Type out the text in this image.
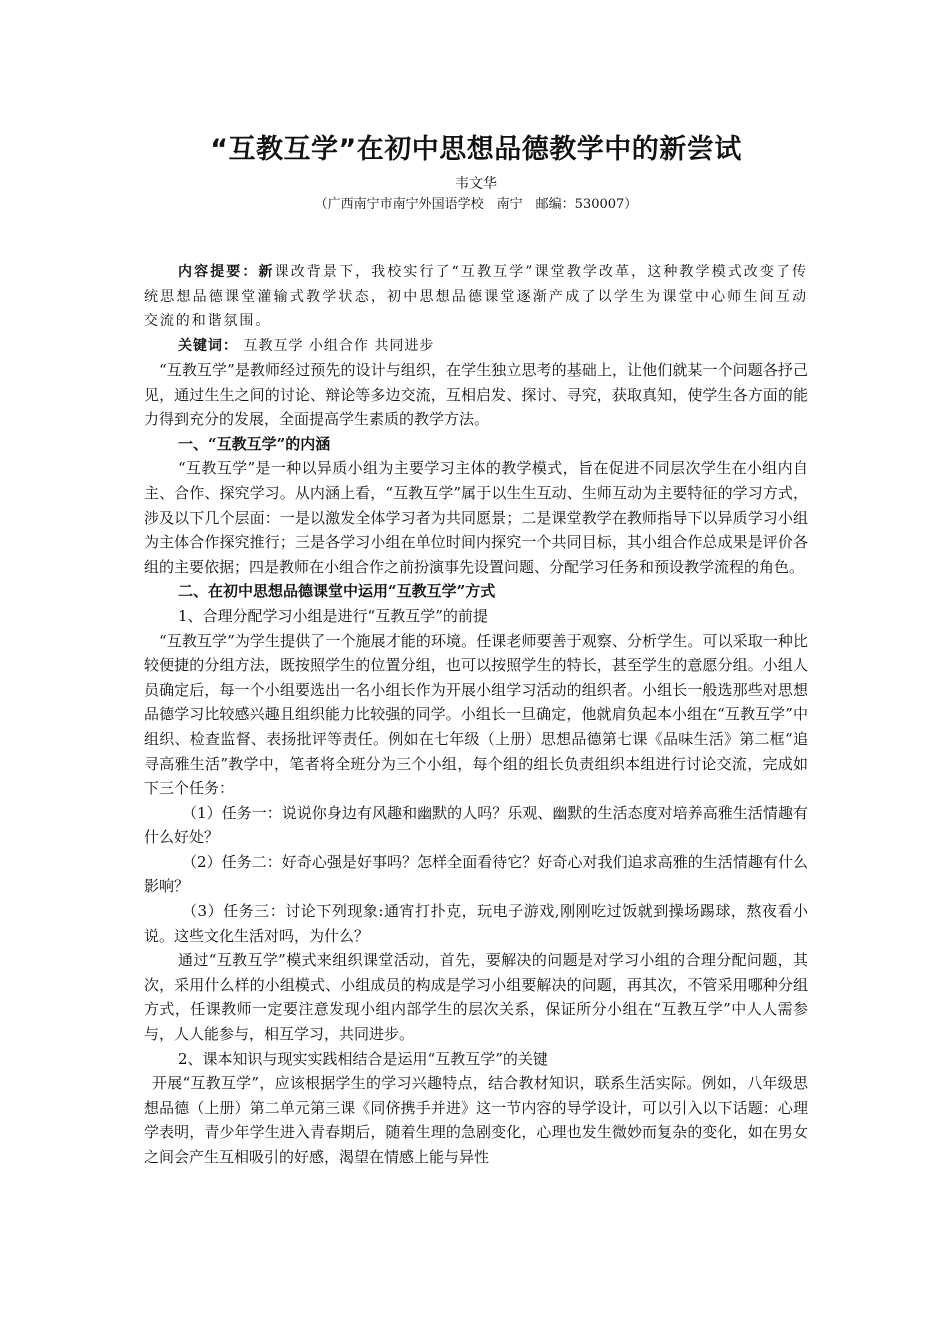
“互教互学”在初中思想品德教学中的新尝试
韦文华
（广西南宁市南宁外国语学校　南宁　邮编：530007）

内容提要：新课改背景下，我校实行了“互教互学”课堂教学改革，这种教学模式改变了传统思想品德课堂灌输式教学状态，初中思想品德课堂逐渐产成了以学生为课堂中心师生间互动交流的和谐氛围。

关键词： 互教互学 小组合作 共同进步

“互教互学”是教师经过预先的设计与组织，在学生独立思考的基础上，让他们就某一个问题各抒己见，通过生生之间的讨论、辩论等多边交流，互相启发、探讨、寻究，获取真知，使学生各方面的能力得到充分的发展，全面提高学生素质的教学方法。

一、“互教互学”的内涵

“互教互学”是一种以异质小组为主要学习主体的教学模式，旨在促进不同层次学生在小组内自主、合作、探究学习。从内涵上看，“互教互学”属于以生生互动、生师互动为主要特征的学习方式，涉及以下几个层面：一是以激发全体学习者为共同愿景；二是课堂教学在教师指导下以异质学习小组为主体合作探究推行；三是各学习小组在单位时间内探究一个共同目标，其小组合作总成果是评价各组的主要依据；四是教师在小组合作之前扮演事先设置问题、分配学习任务和预设教学流程的角色。

二、在初中思想品德课堂中运用“互教互学”方式

1、合理分配学习小组是进行“互教互学”的前提

“互教互学”为学生提供了一个施展才能的环境。任课老师要善于观察、分析学生。可以采取一种比较便捷的分组方法，既按照学生的位置分组，也可以按照学生的特长，甚至学生的意愿分组。小组人员确定后，每一个小组要选出一名小组长作为开展小组学习活动的组织者。小组长一般选那些对思想品德学习比较感兴趣且组织能力比较强的同学。小组长一旦确定，他就肩负起本小组在“互教互学”中组织、检查监督、表扬批评等责任。例如在七年级（上册）思想品德第七课《品味生活》第二框“追寻高雅生活”教学中，笔者将全班分为三个小组，每个组的组长负责组织本组进行讨论交流，完成如下三个任务：

（1）任务一：说说你身边有风趣和幽默的人吗？乐观、幽默的生活态度对培养高雅生活情趣有什么好处？

（2）任务二：好奇心强是好事吗？怎样全面看待它？好奇心对我们追求高雅的生活情趣有什么影响？

（3）任务三：讨论下列现象:通宵打扑克，玩电子游戏,刚刚吃过饭就到操场踢球，熬夜看小说。这些文化生活对吗，为什么？

通过“互教互学”模式来组织课堂活动，首先，要解决的问题是对学习小组的合理分配问题，其次，采用什么样的小组模式、小组成员的构成是学习小组要解决的问题，再其次，不管采用哪种分组方式，任课教师一定要注意发现小组内部学生的层次关系，保证所分小组在“互教互学”中人人需参与，人人能参与，相互学习，共同进步。

2、课本知识与现实实践相结合是运用“互教互学”的关键

开展“互教互学”，应该根据学生的学习兴趣特点，结合教材知识，联系生活实际。例如，八年级思想品德（上册）第二单元第三课《同侪携手并进》这一节内容的导学设计，可以引入以下话题：心理学表明，青少年学生进入青春期后，随着生理的急剧变化，心理也发生微妙而复杂的变化，如在男女之间会产生互相吸引的好感，渴望在情感上能与异性
